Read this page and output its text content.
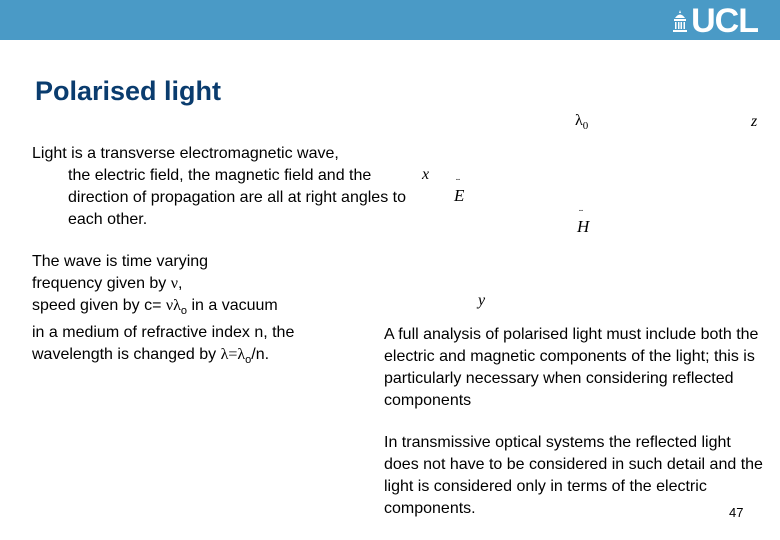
UCL
Polarised light
Light is a transverse electromagnetic wave,
the electric field, the magnetic field and the direction of propagation are all at right angles to each other.
The wave is time varying
frequency given by ν,
speed given by $c= \nu\lambda_o$ in a vacuum
in a medium of refractive index n, the
wavelength is changed by $\lambda=\lambda_o/n$.
$\lambda_0$	z
x
y
¨ E
¨ H
A full analysis of polarised light must include both the electric and magnetic components of the light; this is particularly necessary when considering reflected components
In transmissive optical systems the reflected light does not have to be considered in such detail and the light is considered only in terms of the electric components.	47
